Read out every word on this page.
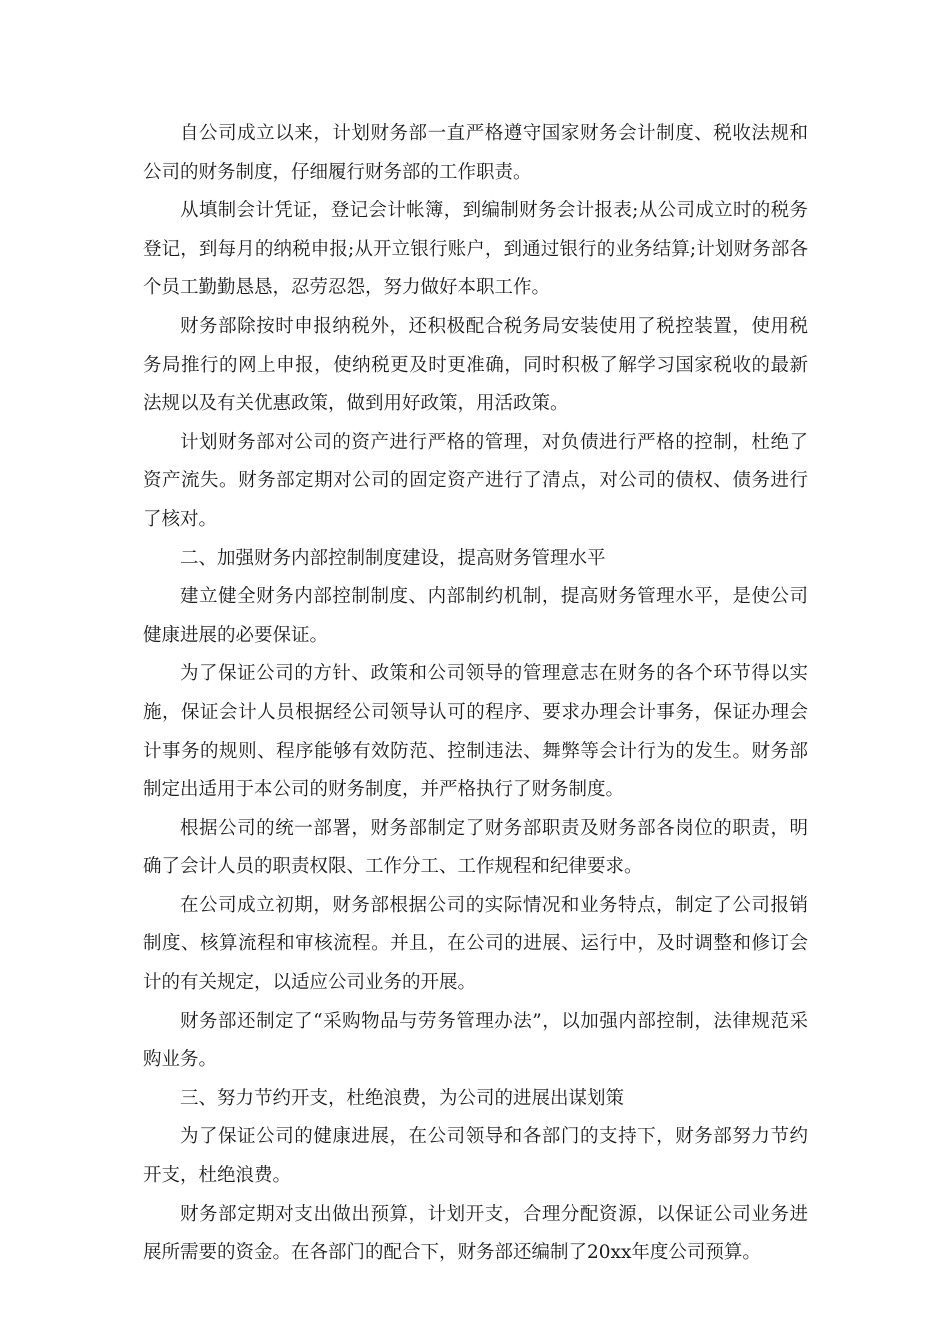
自公司成立以来，计划财务部一直严格遵守国家财务会计制度、税收法规和公司的财务制度，仔细履行财务部的工作职责。

从填制会计凭证，登记会计帐簿，到编制财务会计报表;从公司成立时的税务登记，到每月的纳税申报;从开立银行账户，到通过银行的业务结算;计划财务部各个员工勤勤恳恳，忍劳忍怨，努力做好本职工作。

财务部除按时申报纳税外，还积极配合税务局安装使用了税控装置，使用税务局推行的网上申报，使纳税更及时更准确，同时积极了解学习国家税收的最新法规以及有关优惠政策，做到用好政策，用活政策。

计划财务部对公司的资产进行严格的管理，对负债进行严格的控制，杜绝了资产流失。财务部定期对公司的固定资产进行了清点，对公司的债权、债务进行了核对。

二、加强财务内部控制制度建设，提高财务管理水平

建立健全财务内部控制制度、内部制约机制，提高财务管理水平，是使公司健康进展的必要保证。

为了保证公司的方针、政策和公司领导的管理意志在财务的各个环节得以实施，保证会计人员根据经公司领导认可的程序、要求办理会计事务，保证办理会计事务的规则、程序能够有效防范、控制违法、舞弊等会计行为的发生。财务部制定出适用于本公司的财务制度，并严格执行了财务制度。

根据公司的统一部署，财务部制定了财务部职责及财务部各岗位的职责，明确了会计人员的职责权限、工作分工、工作规程和纪律要求。

在公司成立初期，财务部根据公司的实际情况和业务特点，制定了公司报销制度、核算流程和审核流程。并且，在公司的进展、运行中，及时调整和修订会计的有关规定，以适应公司业务的开展。

财务部还制定了“采购物品与劳务管理办法”，以加强内部控制，法律规范采购业务。

三、努力节约开支，杜绝浪费，为公司的进展出谋划策

为了保证公司的健康进展，在公司领导和各部门的支持下，财务部努力节约开支，杜绝浪费。

财务部定期对支出做出预算，计划开支，合理分配资源，以保证公司业务进展所需要的资金。在各部门的配合下，财务部还编制了20xx年度公司预算。
